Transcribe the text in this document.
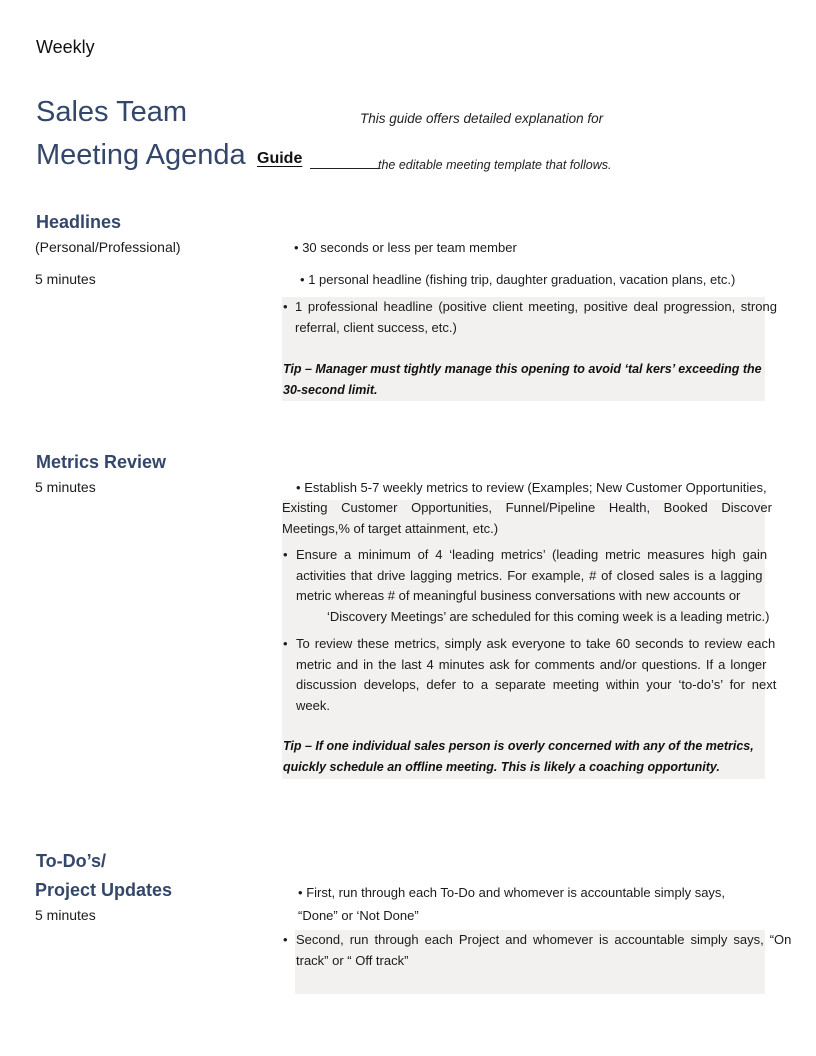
Weekly
Sales Team
Meeting Agenda Guide
This guide offers detailed explanation for
the editable meeting template that follows.
Headlines
(Personal/Professional)
5 minutes
• 30 seconds or less per team member
• 1 personal headline (fishing trip, daughter graduation, vacation plans, etc.)
• 1 professional headline (positive client meeting, positive deal progression, strong
referral, client success, etc.)
Tip – Manager must tightly manage this opening to avoid ‘tal kers’ exceeding the
30-second limit.
Metrics Review
5 minutes	• Establish 5-7 weekly metrics to review (Examples; New Customer Opportunities,
Existing Customer Opportunities, Funnel/Pipeline Health, Booked Discover
Meetings,% of target attainment, etc.)
• Ensure a minimum of 4 ‘leading metrics’ (leading metric measures high gain
activities that drive lagging metrics. For example, # of closed sales is a lagging
metric whereas # of meaningful business conversations with new accounts or
‘Discovery Meetings’ are scheduled for this coming week is a leading metric.)
• To review these metrics, simply ask everyone to take 60 seconds to review each
metric and in the last 4 minutes ask for comments and/or questions. If a longer
discussion develops, defer to a separate meeting within your ‘to-do’s’ for next
week.
Tip – If one individual sales person is overly concerned with any of the metrics,
quickly schedule an offline meeting. This is likely a coaching opportunity.
To-Do’s/
Project Updates
5 minutes
• First, run through each To-Do and whomever is accountable simply says,
“Done” or ‘Not Done”
• Second, run through each Project and whomever is accountable simply says, “On
track” or “ Off track”
